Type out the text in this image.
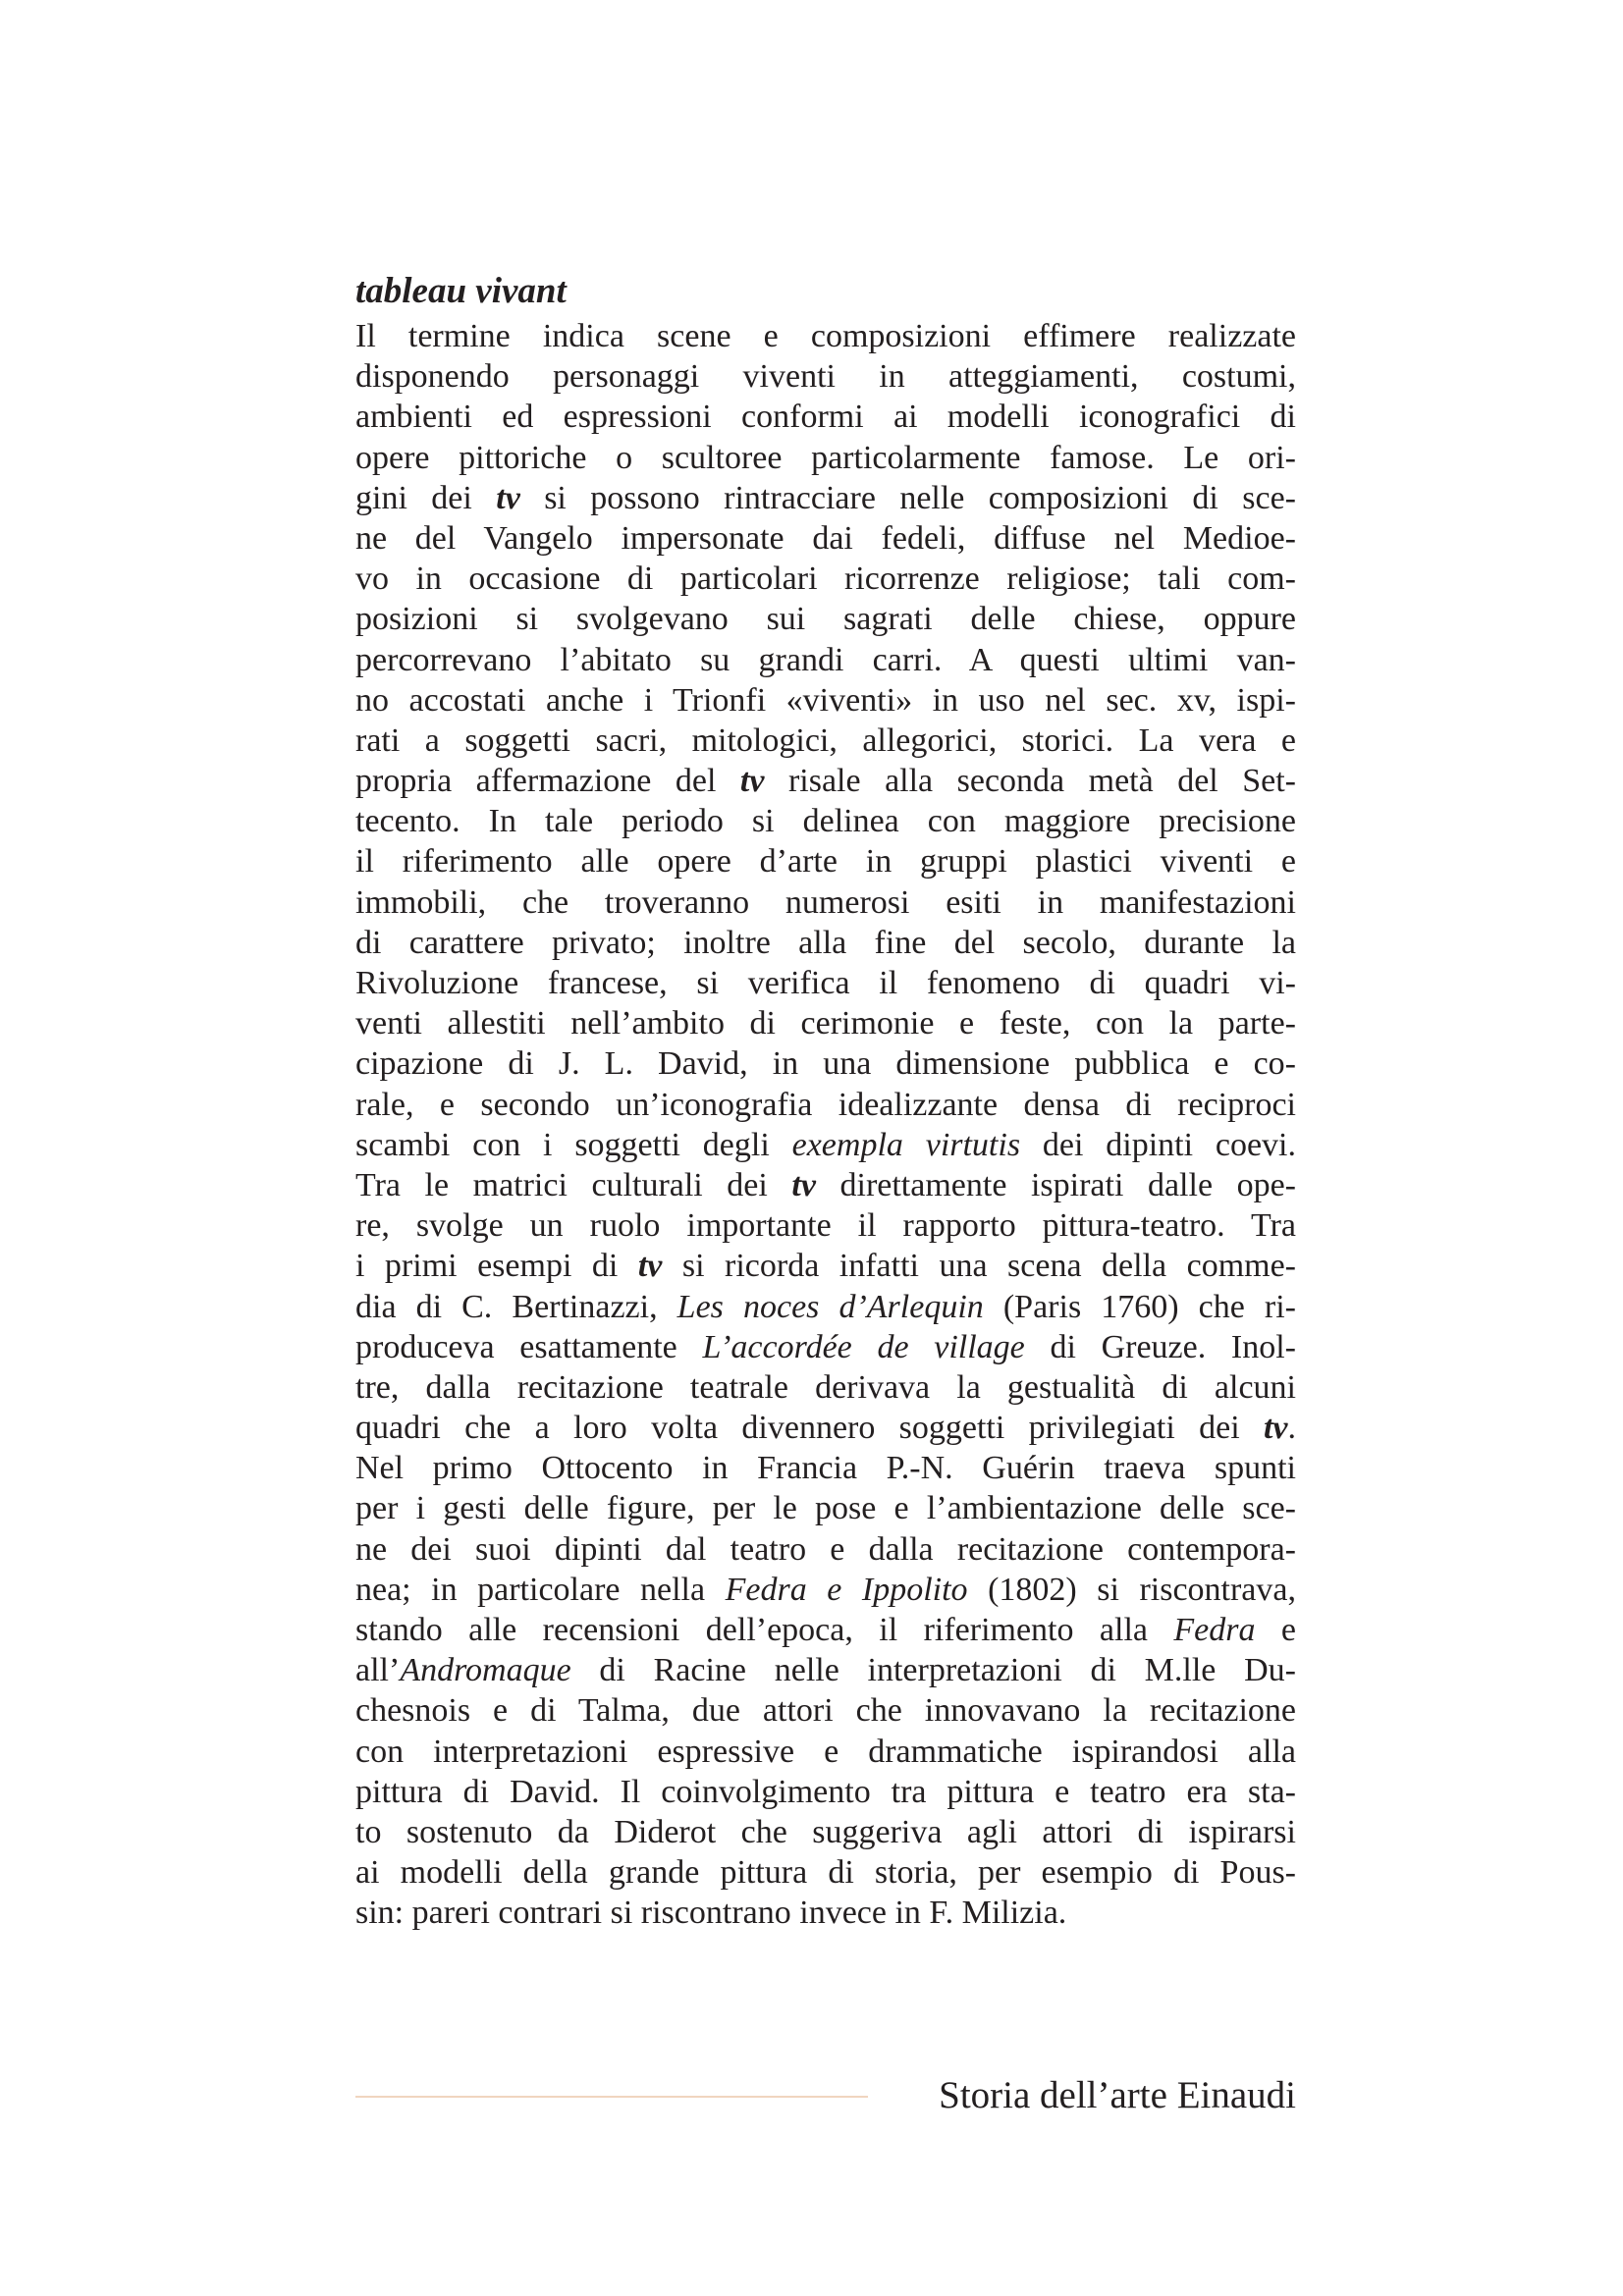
tableau vivant
Il termine indica scene e composizioni effimere realizzate
disponendo personaggi viventi in atteggiamenti, costumi,
ambienti ed espressioni conformi ai modelli iconografici di
opere pittoriche o scultoree particolarmente famose. Le ori-
gini dei tv si possono rintracciare nelle composizioni di sce-
ne del Vangelo impersonate dai fedeli, diffuse nel Medioe-
vo in occasione di particolari ricorrenze religiose; tali com-
posizioni si svolgevano sui sagrati delle chiese, oppure
percorrevano l’abitato su grandi carri. A questi ultimi van-
no accostati anche i Trionfi «viventi» in uso nel sec. xv, ispi-
rati a soggetti sacri, mitologici, allegorici, storici. La vera e
propria affermazione del tv risale alla seconda metà del Set-
tecento. In tale periodo si delinea con maggiore precisione
il riferimento alle opere d’arte in gruppi plastici viventi e
immobili, che troveranno numerosi esiti in manifestazioni
di carattere privato; inoltre alla fine del secolo, durante la
Rivoluzione francese, si verifica il fenomeno di quadri vi-
venti allestiti nell’ambito di cerimonie e feste, con la parte-
cipazione di J. L. David, in una dimensione pubblica e co-
rale, e secondo un’iconografia idealizzante densa di reciproci
scambi con i soggetti degli exempla virtutis dei dipinti coevi.
Tra le matrici culturali dei tv direttamente ispirati dalle ope-
re, svolge un ruolo importante il rapporto pittura-teatro. Tra
i primi esempi di tv si ricorda infatti una scena della comme-
dia di C. Bertinazzi, Les noces d’Arlequin (Paris 1760) che ri-
produceva esattamente L’accordée de village di Greuze. Inol-
tre, dalla recitazione teatrale derivava la gestualità di alcuni
quadri che a loro volta divennero soggetti privilegiati dei tv.
Nel primo Ottocento in Francia P.-N. Guérin traeva spunti
per i gesti delle figure, per le pose e l’ambientazione delle sce-
ne dei suoi dipinti dal teatro e dalla recitazione contempora-
nea; in particolare nella Fedra e Ippolito (1802) si riscontrava,
stando alle recensioni dell’epoca, il riferimento alla Fedra e
all’Andromaque di Racine nelle interpretazioni di M.lle Du-
chesnois e di Talma, due attori che innovavano la recitazione
con interpretazioni espressive e drammatiche ispirandosi alla
pittura di David. Il coinvolgimento tra pittura e teatro era sta-
to sostenuto da Diderot che suggeriva agli attori di ispirarsi
ai modelli della grande pittura di storia, per esempio di Pous-
sin: pareri contrari si riscontrano invece in F. Milizia.
Storia dell’arte Einaudi
